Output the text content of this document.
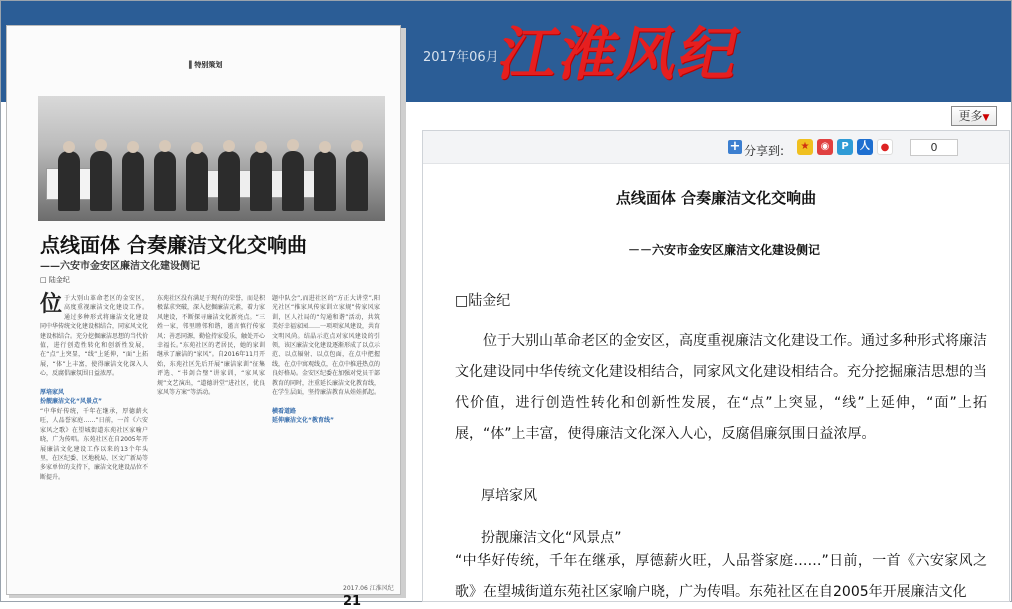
2017年06月
江淮风纪
▌特别策划
点线面体 合奏廉洁文化交响曲
——六安市金安区廉洁文化建设侧记
□ 陆金纪
位于大别山革命老区的金安区，高度重视廉洁文化建设工作。通过多种形式将廉洁文化建设同中华传统文化建设相结合，同家风文化建设相结合。充分挖掘廉洁思想的当代价值，进行创造性转化和创新性发展，在“点”上突显，“线”上延伸，“面”上拓展，“体”上丰富，使得廉洁文化深入人心，反腐倡廉氛围日益浓厚。

厚培家风
扮靓廉洁文化“风景点”
“中华好传统，千年在继承，厚德薪火旺，人品誉家庭……”日前，一首《六安家风之歌》在望城街道东苑社区家喻户晓，广为传唱。东苑社区在自2005年开展廉洁文化建设工作以来的13个年头里，在区纪委、区地税局、区文广新局等多家单位的支持下，廉洁文化建设品位不断提升。
东苑社区没有满足于现有的荣誉，而是积极谋求突破，深入挖掘廉洁元素，着力家风建设，不断探寻廉洁文化新亮点。“三姓一家，邻里睦邻和谐，谨言慎行传家风；善恶同源，勤俭持家爱乐，触处开心幸福长。”东苑社区的老居民，她的家训继承了廉洁的“家风”。自2016年11月开始，东苑社区先后开展“廉洁家训”征集评选、“书剑合璧”讲家训，“家风家规”文艺演出，“道德讲堂”进社区，优良家风等方案“等活动。
题中队会”,而进社区的“方正大讲堂”,阳光社区“推家风传家训立家规”传家风家训，区人社局的“勾通和谐”活动，共筑美好幸福家园……一项项家风建设，共育文明风尚。结晶示范点对家风建设的引领，该区廉洁文化建设逐渐形成了以点示范、以点辐射、以点包面，在点中把握线，在点中寓观线点，在点中推进热点的良好格局。金安区纪委在加强对党员干部教育的同时，注重延长廉洁文化教育线，在学生层面，坚持廉洁教育从娃娃抓起。

横看道路
延伸廉洁文化“教育线”
2017.06 江淮风纪21
更多▼
+ 分享到:	★	◉	P	人	●	0
点线面体 合奏廉洁文化交响曲
－－六安市金安区廉洁文化建设侧记
□陆金纪
位于大别山革命老区的金安区，高度重视廉洁文化建设工作。通过多种形式将廉洁文化建设同中华传统文化建设相结合，同家风文化建设相结合。充分挖掘廉洁思想的当代价值，进行创造性转化和创新性发展，在“点”上突显，“线”上延伸，“面”上拓展，“体”上丰富，使得廉洁文化深入人心，反腐倡廉氛围日益浓厚。
厚培家风
扮靓廉洁文化“风景点”
“中华好传统，千年在继承，厚德薪火旺，人品誉家庭……”日前，一首《六安家风之歌》在望城街道东苑社区家喻户晓，广为传唱。东苑社区在自2005年开展廉洁文化
